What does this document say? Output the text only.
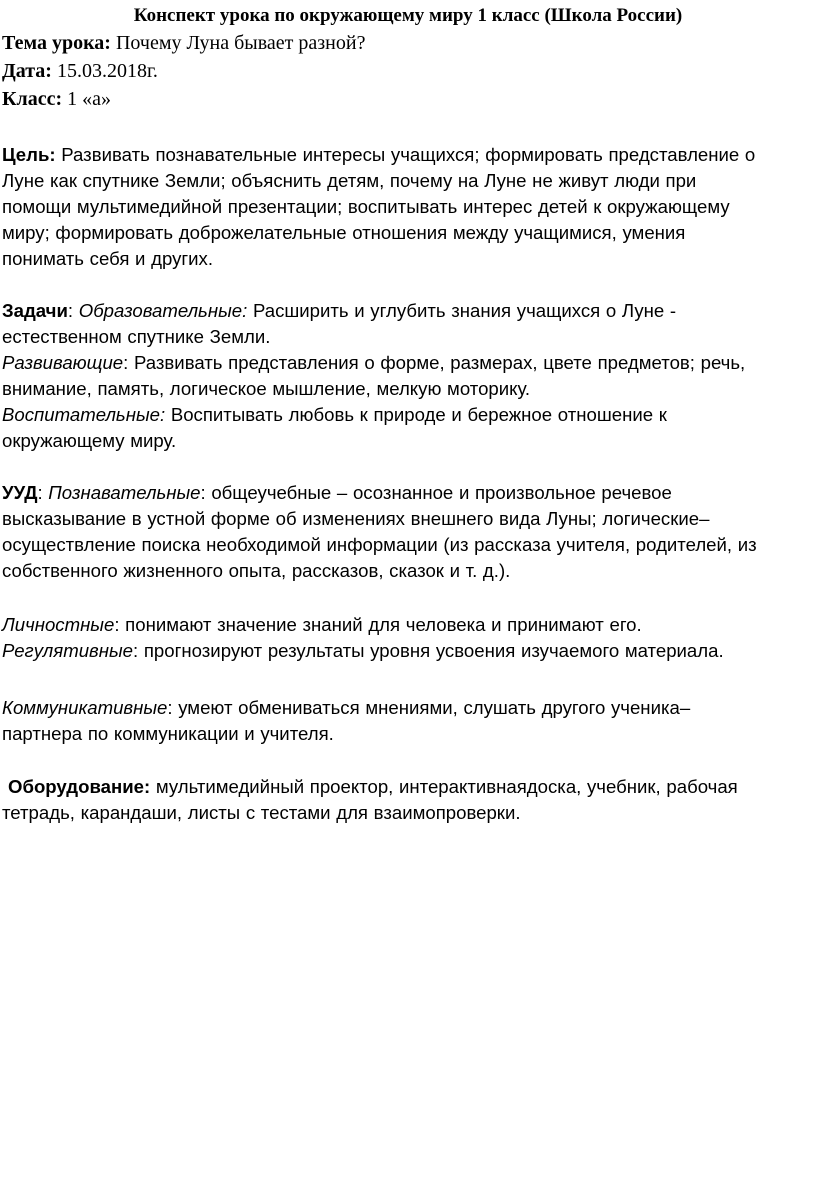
Конспект урока по окружающему миру 1 класс (Школа России)
Тема урока: Почему Луна бывает разной?
Дата: 15.03.2018г.
Класс: 1 «а»
Цель: Развивать познавательные интересы учащихся; формировать представление о
Луне как спутнике Земли; объяснить детям, почему на Луне не живут люди при
помощи мультимедийной презентации; воспитывать интерес детей к окружающему
миру; формировать доброжелательные отношения между учащимися, умения
понимать себя и других.
Задачи: Образовательные: Расширить и углубить знания учащихся о Луне -
естественном спутнике Земли.
Развивающие: Развивать представления о форме, размерах, цвете предметов; речь,
внимание, память, логическое мышление, мелкую моторику.
Воспитательные: Воспитывать любовь к природе и бережное отношение к
окружающему миру.
УУД: Познавательные: общеучебные – осознанное и произвольное речевое
высказывание в устной форме об изменениях внешнего вида Луны; логические–
осуществление поиска необходимой информации (из рассказа учителя, родителей, из
собственного жизненного опыта, рассказов, сказок и т. д.).
Личностные: понимают значение знаний для человека и принимают его.
Регулятивные: прогнозируют результаты уровня усвоения изучаемого материала.
Коммуникативные: умеют обмениваться мнениями, слушать другого ученика–
партнера по коммуникации и учителя.
Оборудование: мультимедийный проектор, интерактивнаядоска, учебник, рабочая
тетрадь, карандаши, листы с тестами для взаимопроверки.
